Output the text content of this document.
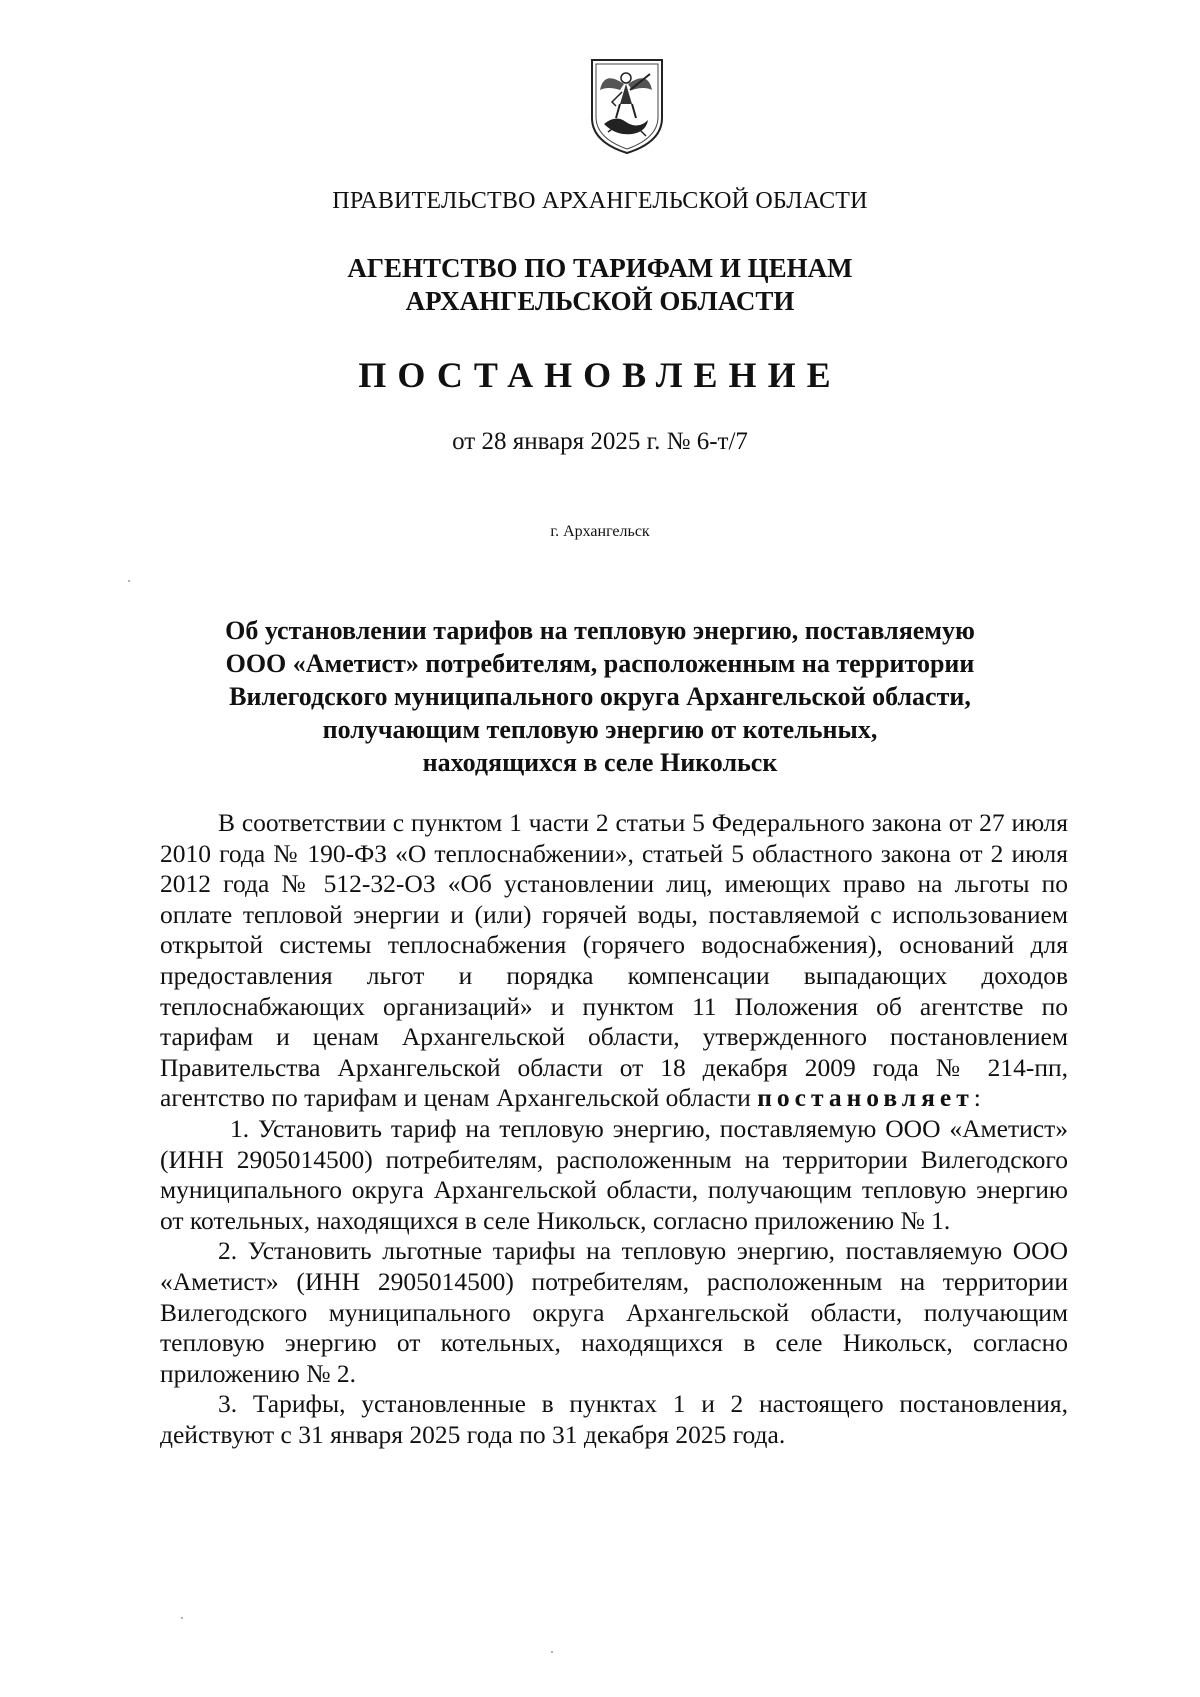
ПРАВИТЕЛЬСТВО АРХАНГЕЛЬСКОЙ ОБЛАСТИ
АГЕНТСТВО ПО ТАРИФАМ И ЦЕНАМ
АРХАНГЕЛЬСКОЙ ОБЛАСТИ
ПОСТАНОВЛЕНИЕ
от 28 января 2025 г. № 6-т/7
г. Архангельск
Об установлении тарифов на тепловую энергию, поставляемую
ООО «Аметист» потребителям, расположенным на территории
Вилегодского муниципального округа Архангельской области,
получающим тепловую энергию от котельных,
находящихся в селе Никольск

В соответствии с пунктом 1 части 2 статьи 5 Федерального закона от 27 июля 2010 года № 190-ФЗ «О теплоснабжении», статьей 5 областного закона от 2 июля 2012 года № 512-32-ОЗ «Об установлении лиц, имеющих право на льготы по оплате тепловой энергии и (или) горячей воды, поставляемой с использованием открытой системы теплоснабжения (горячего водоснабжения), оснований для предоставления льгот и порядка компенсации выпадающих доходов теплоснабжающих организаций» и пунктом 11 Положения об агентстве по тарифам и ценам Архангельской области, утвержденного постановлением Правительства Архангельской области от 18 декабря 2009 года № 214-пп, агентство по тарифам и ценам Архангельской области постановляет:

1. Установить тариф на тепловую энергию, поставляемую ООО «Аметист» (ИНН 2905014500) потребителям, расположенным на территории Вилегодского муниципального округа Архангельской области, получающим тепловую энергию от котельных, находящихся в селе Никольск, согласно приложению № 1.

2. Установить льготные тарифы на тепловую энергию, поставляемую ООО «Аметист» (ИНН 2905014500) потребителям, расположенным на территории Вилегодского муниципального округа Архангельской области, получающим тепловую энергию от котельных, находящихся в селе Никольск, согласно приложению № 2.

3. Тарифы, установленные в пунктах 1 и 2 настоящего постановления, действуют с 31 января 2025 года по 31 декабря 2025 года.
